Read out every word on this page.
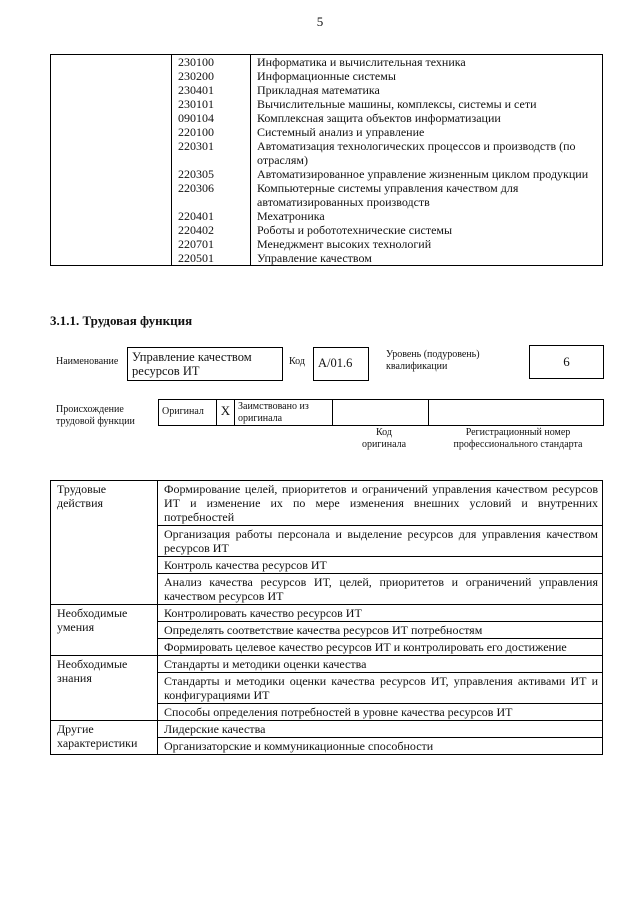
5
	230100	Информатика и вычислительная техника
	230200	Информационные системы
	230401	Прикладная математика
	230101	Вычислительные машины, комплексы, системы и сети
	090104	Комплексная защита объектов информатизации
	220100	Системный анализ и управление
	220301	Автоматизация технологических процессов и производств (по отраслям)
	220305	Автоматизированное управление жизненным циклом продукции
	220306	Компьютерные системы управления качеством для автоматизированных производств
	220401	Мехатроника
	220402	Роботы и робототехнические системы
	220701	Менеджмент высоких технологий
	220501	Управление качеством
3.1.1. Трудовая функция
Наименование	Управление качеством ресурсов ИТ
Код	A/01.6
Уровень (подуровень) квалификации	6
Происхождение трудовой функции
Оригинал	X Заимствовано из оригинала
Код оригинала
Регистрационный номер профессионального стандарта
Трудовые действия	Формирование целей, приоритетов и ограничений управления качеством ресурсов ИТ и изменение их по мере изменения внешних условий и внутренних потребностей
	Организация работы персонала и выделение ресурсов для управления качеством ресурсов ИТ
	Контроль качества ресурсов ИТ
	Анализ качества ресурсов ИТ, целей, приоритетов и ограничений управления качеством ресурсов ИТ
Необходимые умения	Контролировать качество ресурсов ИТ
	Определять соответствие качества ресурсов ИТ потребностям
	Формировать целевое качество ресурсов ИТ и контролировать его достижение
Необходимые знания	Стандарты и методики оценки качества
	Стандарты и методики оценки качества ресурсов ИТ, управления активами ИТ и конфигурациями ИТ
	Способы определения потребностей в уровне качества ресурсов ИТ
Другие характеристики	Лидерские качества
	Организаторские и коммуникационные способности
